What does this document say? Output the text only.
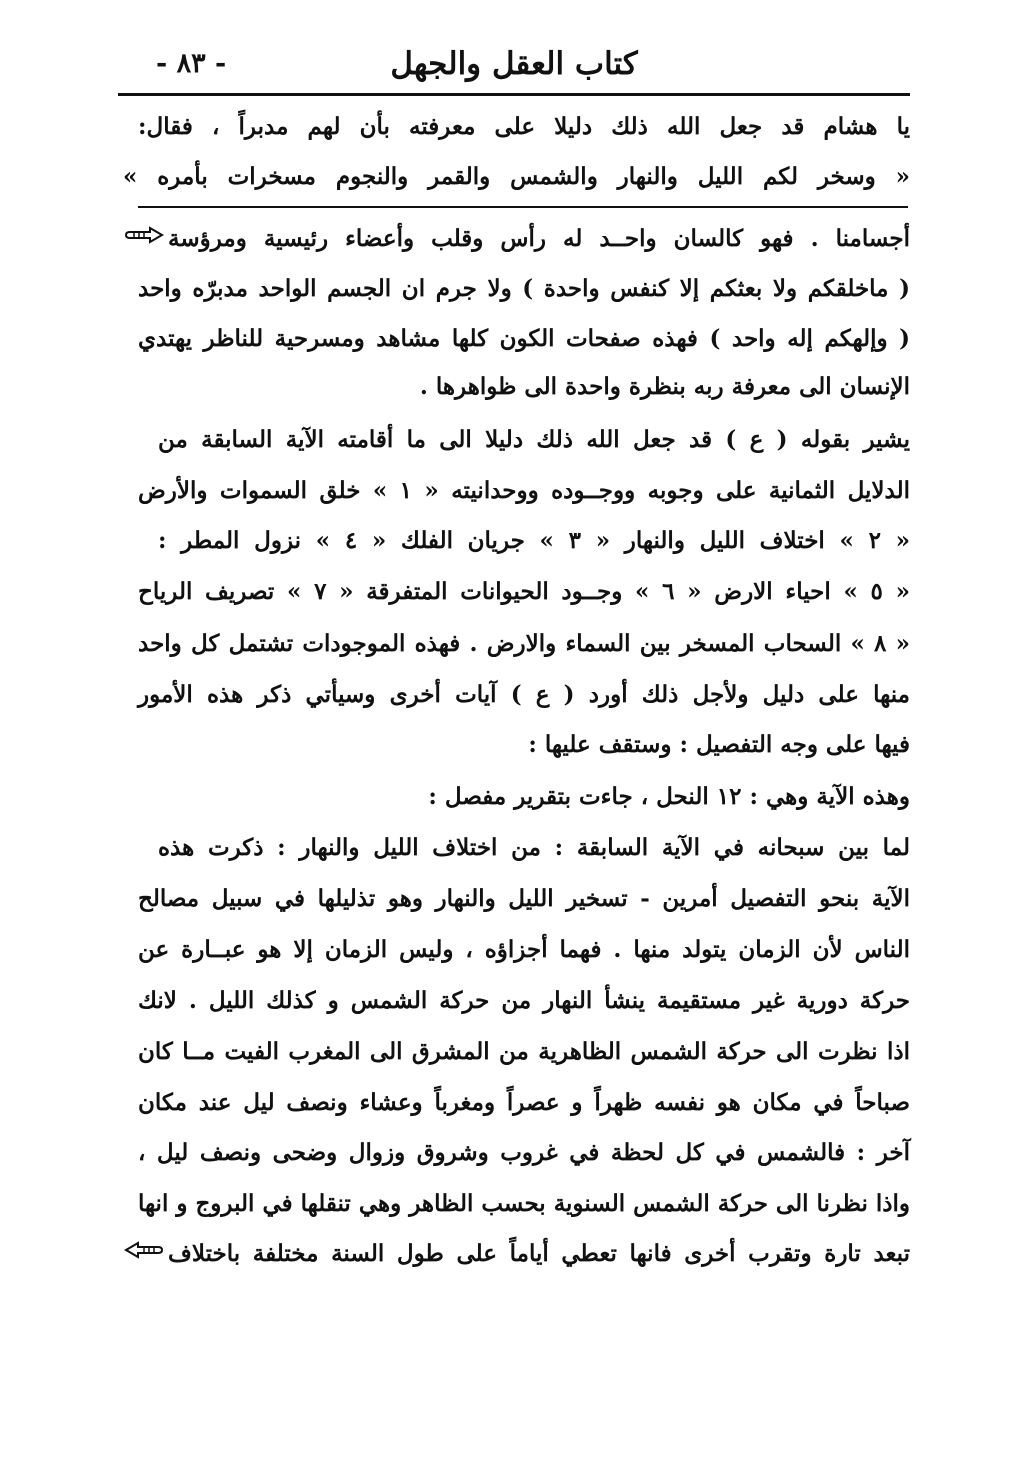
- ٨٣ -	كتاب العقل والجهل
يا هشام قد جعل الله ذلك دليلا على معرفته بأن لهم مدبراً ، فقال:
« وسخر لكم الليل والنهار والشمس والقمر والنجوم مسخرات بأمره »
أجسامنا . فهو كالسان واحــد له رأس وقلب وأعضاء رئيسية ومرؤسة
( ماخلقكم ولا بعثكم إلا كنفس واحدة ) ولا جرم ان الجسم الواحد مدبرّه واحد
( وإلهكم إله واحد ) فهذه صفحات الكون كلها مشاهد ومسرحية للناظر يهتدي
الإنسان الى معرفة ربه بنظرة واحدة الى ظواهرها .
يشير بقوله ( ع ) قد جعل الله ذلك دليلا الى ما أقامته الآية السابقة من
الدلايل الثمانية على وجوبه ووجــوده ووحدانيته « ١ » خلق السموات والأرض
« ٢ » اختلاف الليل والنهار « ٣ » جريان الفلك « ٤ » نزول المطر :
« ٥ » احياء الارض « ٦ » وجــود الحيوانات المتفرقة « ٧ » تصريف الرياح
« ٨ » السحاب المسخر بين السماء والارض . فهذه الموجودات تشتمل كل واحد
منها على دليل ولأجل ذلك أورد ( ع ) آيات أخرى وسيأتي ذكر هذه الأمور
فيها على وجه التفصيل : وستقف عليها :
وهذه الآية وهي : ١٢ النحل ، جاءت بتقرير مفصل :
لما بين سبحانه في الآية السابقة : من اختلاف الليل والنهار : ذكرت هذه
الآية بنحو التفصيل أمرين - تسخير الليل والنهار وهو تذليلها في سبيل مصالح
الناس لأن الزمان يتولد منها . فهما أجزاؤه ، وليس الزمان إلا هو عبــارة عن
حركة دورية غير مستقيمة ينشأ النهار من حركة الشمس و كذلك الليل . لانك
اذا نظرت الى حركة الشمس الظاهرية من المشرق الى المغرب الفيت مــا كان
صباحاً في مكان هو نفسه ظهراً و عصراً ومغرباً وعشاء ونصف ليل عند مكان
آخر : فالشمس في كل لحظة في غروب وشروق وزوال وضحى ونصف ليل ،
واذا نظرنا الى حركة الشمس السنوية بحسب الظاهر وهي تنقلها في البروج و انها
تبعد تارة وتقرب أخرى فانها تعطي أياماً على طول السنة مختلفة باختلاف
